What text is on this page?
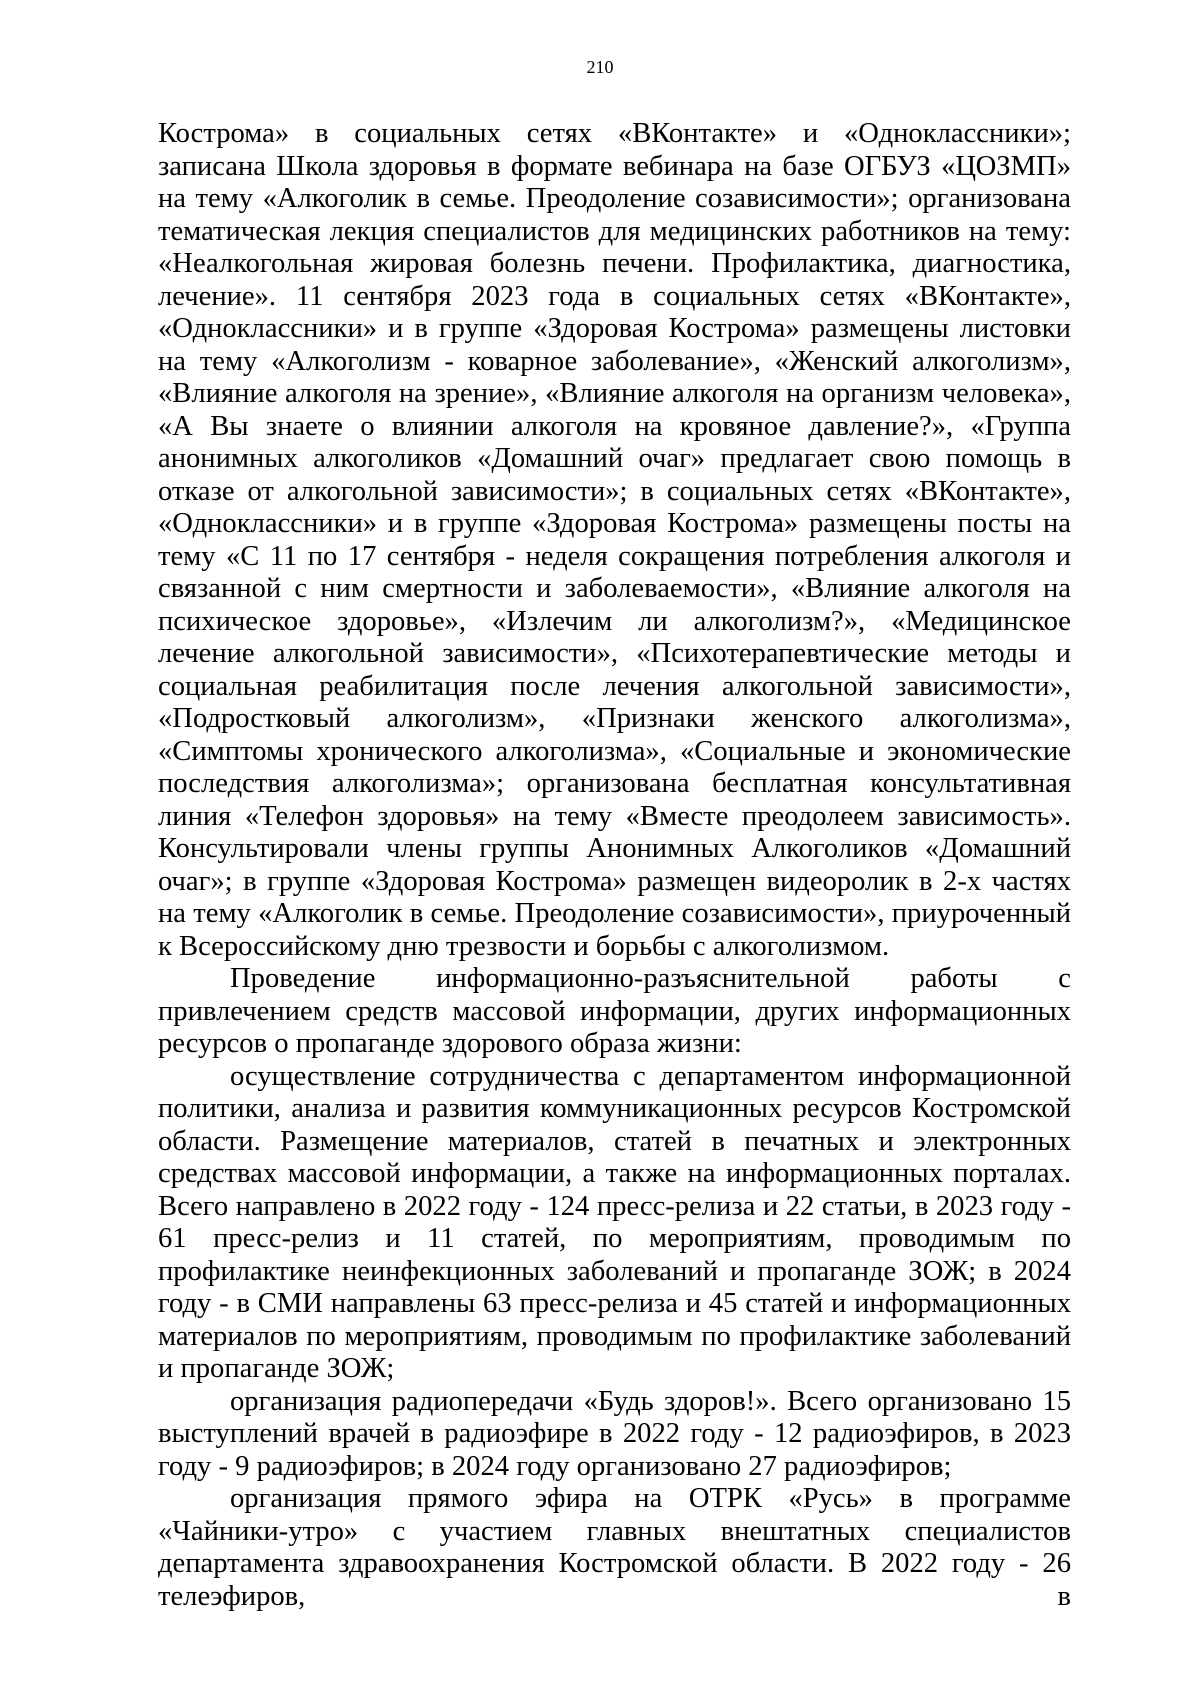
210

Кострома» в социальных сетях «ВКонтакте» и «Одноклассники»; записана Школа здоровья в формате вебинара на базе ОГБУЗ «ЦОЗМП» на тему «Алкоголик в семье. Преодоление созависимости»; организована тематическая лекция специалистов для медицинских работников на тему: «Неалкогольная жировая болезнь печени. Профилактика, диагностика, лечение». 11 сентября 2023 года в социальных сетях «ВКонтакте», «Одноклассники» и в группе «Здоровая Кострома» размещены листовки на тему «Алкоголизм - коварное заболевание», «Женский алкоголизм», «Влияние алкоголя на зрение», «Влияние алкоголя на организм человека», «А Вы знаете о влиянии алкоголя на кровяное давление?», «Группа анонимных алкоголиков «Домашний очаг» предлагает свою помощь в отказе от алкогольной зависимости»; в социальных сетях «ВКонтакте», «Одноклассники» и в группе «Здоровая Кострома» размещены посты на тему «С 11 по 17 сентября - неделя сокращения потребления алкоголя и связанной с ним смертности и заболеваемости», «Влияние алкоголя на психическое здоровье», «Излечим ли алкоголизм?», «Медицинское лечение алкогольной зависимости», «Психотерапевтические методы и социальная реабилитация после лечения алкогольной зависимости», «Подростковый алкоголизм», «Признаки женского алкоголизма», «Симптомы хронического алкоголизма», «Социальные и экономические последствия алкоголизма»; организована бесплатная консультативная линия «Телефон здоровья» на тему «Вместе преодолеем зависимость». Консультировали члены группы Анонимных Алкоголиков «Домашний очаг»; в группе «Здоровая Кострома» размещен видеоролик в 2-х частях на тему «Алкоголик в семье. Преодоление созависимости», приуроченный к Всероссийскому дню трезвости и борьбы с алкоголизмом.

Проведение информационно-разъяснительной работы с привлечением средств массовой информации, других информационных ресурсов о пропаганде здорового образа жизни:

осуществление сотрудничества с департаментом информационной политики, анализа и развития коммуникационных ресурсов Костромской области. Размещение материалов, статей в печатных и электронных средствах массовой информации, а также на информационных порталах. Всего направлено в 2022 году - 124 пресс-релиза и 22 статьи, в 2023 году - 61 пресс-релиз и 11 статей, по мероприятиям, проводимым по профилактике неинфекционных заболеваний и пропаганде ЗОЖ; в 2024 году - в СМИ направлены 63 пресс-релиза и 45 статей и информационных материалов по мероприятиям, проводимым по профилактике заболеваний и пропаганде ЗОЖ;

организация радиопередачи «Будь здоров!». Всего организовано 15 выступлений врачей в радиоэфире в 2022 году - 12 радиоэфиров, в 2023 году - 9 радиоэфиров; в 2024 году организовано 27 радиоэфиров;

организация прямого эфира на ОТРК «Русь» в программе «Чайники-утро» с участием главных внештатных специалистов департамента здравоохранения Костромской области. В 2022 году - 26 телеэфиров, в
